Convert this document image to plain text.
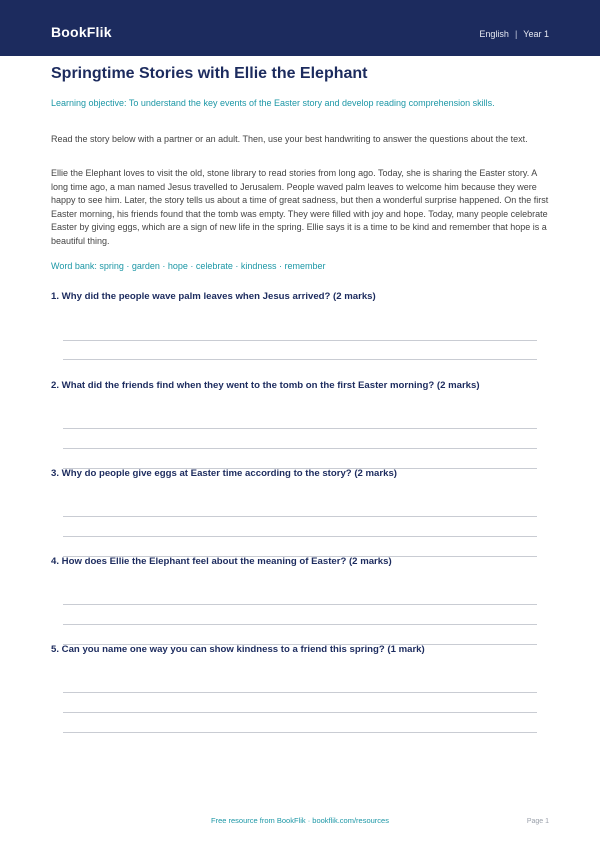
BookFlik	English | Year 1
Springtime Stories with Ellie the Elephant
Learning objective: To understand the key events of the Easter story and develop reading comprehension skills.
Read the story below with a partner or an adult. Then, use your best handwriting to answer the questions about the text.
Ellie the Elephant loves to visit the old, stone library to read stories from long ago. Today, she is sharing the Easter story. A long time ago, a man named Jesus travelled to Jerusalem. People waved palm leaves to welcome him because they were happy to see him. Later, the story tells us about a time of great sadness, but then a wonderful surprise happened. On the first Easter morning, his friends found that the tomb was empty. They were filled with joy and hope. Today, many people celebrate Easter by giving eggs, which are a sign of new life in the spring. Ellie says it is a time to be kind and remember that hope is a beautiful thing.
Word bank: spring · garden · hope · celebrate · kindness · remember
1. Why did the people wave palm leaves when Jesus arrived? (2 marks)
2. What did the friends find when they went to the tomb on the first Easter morning? (2 marks)
3. Why do people give eggs at Easter time according to the story? (2 marks)
4. How does Ellie the Elephant feel about the meaning of Easter? (2 marks)
5. Can you name one way you can show kindness to a friend this spring? (1 mark)
Free resource from BookFlik · bookflik.com/resources	Page 1
